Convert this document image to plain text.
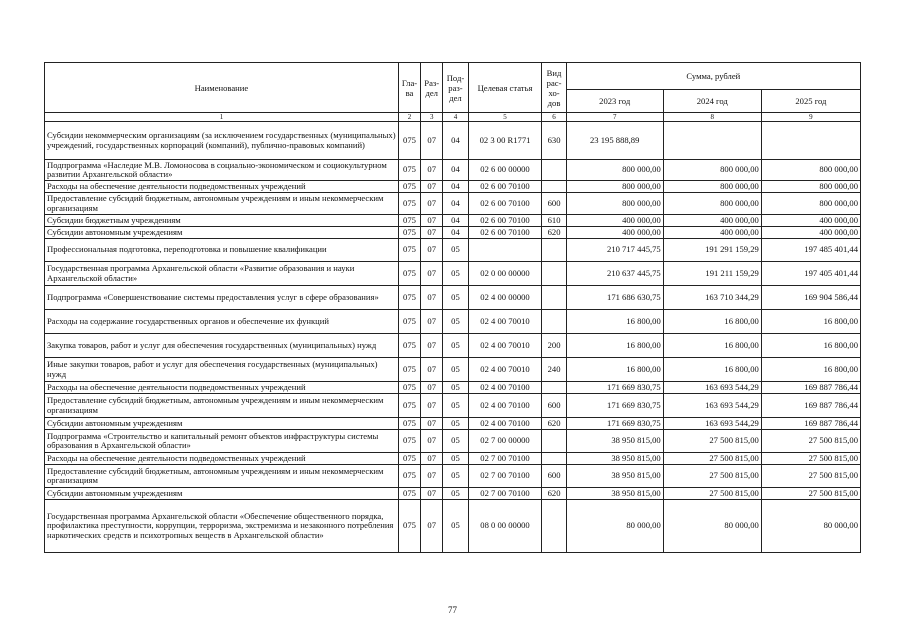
Наименование	Гла-ва	Раз-дел	Под-раз-дел	Целевая статья	Вид рас-хо-дов	Сумма, рублей		
						2023 год	2024 год	2025 год
1	2	3	4	5	6	7	8	9
Субсидии некоммерческим организациям (за исключением государственных (муниципальных) учреждений, государственных корпораций (компаний), публично-правовых компаний)	075	07	04	02 3 00 R1771	630	23 195 888,89		
Подпрограмма «Наследие М.В. Ломоносова в социально-экономическом и социокультурном развитии Архангельской области»	075	07	04	02 6 00 00000		800 000,00	800 000,00	800 000,00
Расходы на обеспечение деятельности подведомственных учреждений	075	07	04	02 6 00 70100		800 000,00	800 000,00	800 000,00
Предоставление субсидий бюджетным, автономным учреждениям и иным некоммерческим организациям	075	07	04	02 6 00 70100	600	800 000,00	800 000,00	800 000,00
Субсидии бюджетным учреждениям	075	07	04	02 6 00 70100	610	400 000,00	400 000,00	400 000,00
Субсидии автономным учреждениям	075	07	04	02 6 00 70100	620	400 000,00	400 000,00	400 000,00
Профессиональная подготовка, переподготовка и повышение квалификации	075	07	05			210 717 445,75	191 291 159,29	197 485 401,44
Государственная программа Архангельской области «Развитие образования и науки Архангельской области»	075	07	05	02 0 00 00000		210 637 445,75	191 211 159,29	197 405 401,44
Подпрограмма «Совершенствование системы предоставления услуг в сфере образования»	075	07	05	02 4 00 00000		171 686 630,75	163 710 344,29	169 904 586,44
Расходы на содержание государственных органов и обеспечение их функций	075	07	05	02 4 00 70010		16 800,00	16 800,00	16 800,00
Закупка товаров, работ и услуг для обеспечения государственных (муниципальных) нужд	075	07	05	02 4 00 70010	200	16 800,00	16 800,00	16 800,00
Иные закупки товаров, работ и услуг для обеспечения государственных (муниципальных) нужд	075	07	05	02 4 00 70010	240	16 800,00	16 800,00	16 800,00
Расходы на обеспечение деятельности подведомственных учреждений	075	07	05	02 4 00 70100		171 669 830,75	163 693 544,29	169 887 786,44
Предоставление субсидий бюджетным, автономным учреждениям и иным некоммерческим организациям	075	07	05	02 4 00 70100	600	171 669 830,75	163 693 544,29	169 887 786,44
Субсидии автономным учреждениям	075	07	05	02 4 00 70100	620	171 669 830,75	163 693 544,29	169 887 786,44
Подпрограмма «Строительство и капитальный ремонт объектов инфраструктуры системы образования в Архангельской области»	075	07	05	02 7 00 00000		38 950 815,00	27 500 815,00	27 500 815,00
Расходы на обеспечение деятельности подведомственных учреждений	075	07	05	02 7 00 70100		38 950 815,00	27 500 815,00	27 500 815,00
Предоставление субсидий бюджетным, автономным учреждениям и иным некоммерческим организациям	075	07	05	02 7 00 70100	600	38 950 815,00	27 500 815,00	27 500 815,00
Субсидии автономным учреждениям	075	07	05	02 7 00 70100	620	38 950 815,00	27 500 815,00	27 500 815,00
Государственная программа Архангельской области «Обеспечение общественного порядка, профилактика преступности, коррупции, терроризма, экстремизма и незаконного потребления наркотических средств и психотропных веществ в Архангельской области»	075	07	05	08 0 00 00000		80 000,00	80 000,00	80 000,00
77
